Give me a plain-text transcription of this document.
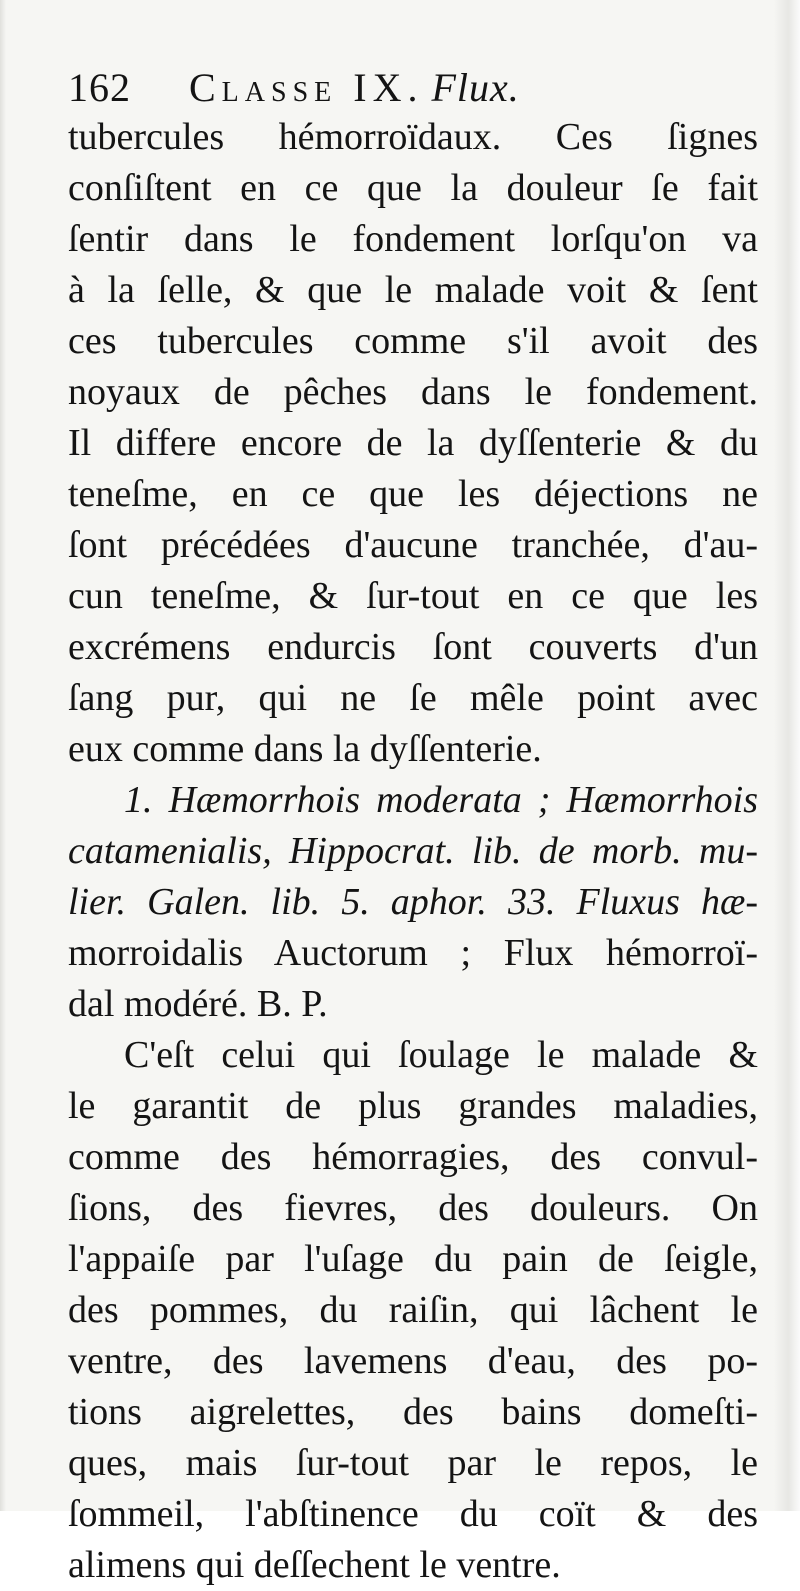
162 Classe IX. Flux.
tubercules hémorroïdaux. Ces ſignes
conſiſtent en ce que la douleur ſe fait
ſentir dans le fondement lorſqu'on va
à la ſelle, & que le malade voit & ſent
ces tubercules comme s'il avoit des
noyaux de pêches dans le fondement.
Il differe encore de la dyſſenterie & du
teneſme, en ce que les déjections ne
ſont précédées d'aucune tranchée, d'au-
cun teneſme, & ſur-tout en ce que les
excrémens endurcis ſont couverts d'un
ſang pur, qui ne ſe mêle point avec
eux comme dans la dyſſenterie.
1. Hæmorrhois moderata ; Hæmorrhois
catamenialis, Hippocrat. lib. de morb. mu-
lier. Galen. lib. 5. aphor. 33. Fluxus hæ-
morroidalis Auctorum ; Flux hémorroï-
dal modéré. B. P.
C'eſt celui qui ſoulage le malade &
le garantit de plus grandes maladies,
comme des hémorragies, des convul-
ſions, des fievres, des douleurs. On
l'appaiſe par l'uſage du pain de ſeigle,
des pommes, du raiſin, qui lâchent le
ventre, des lavemens d'eau, des po-
tions aigrelettes, des bains domeſti-
ques, mais ſur-tout par le repos, le
ſommeil, l'abſtinence du coït & des
alimens qui deſſechent le ventre.
